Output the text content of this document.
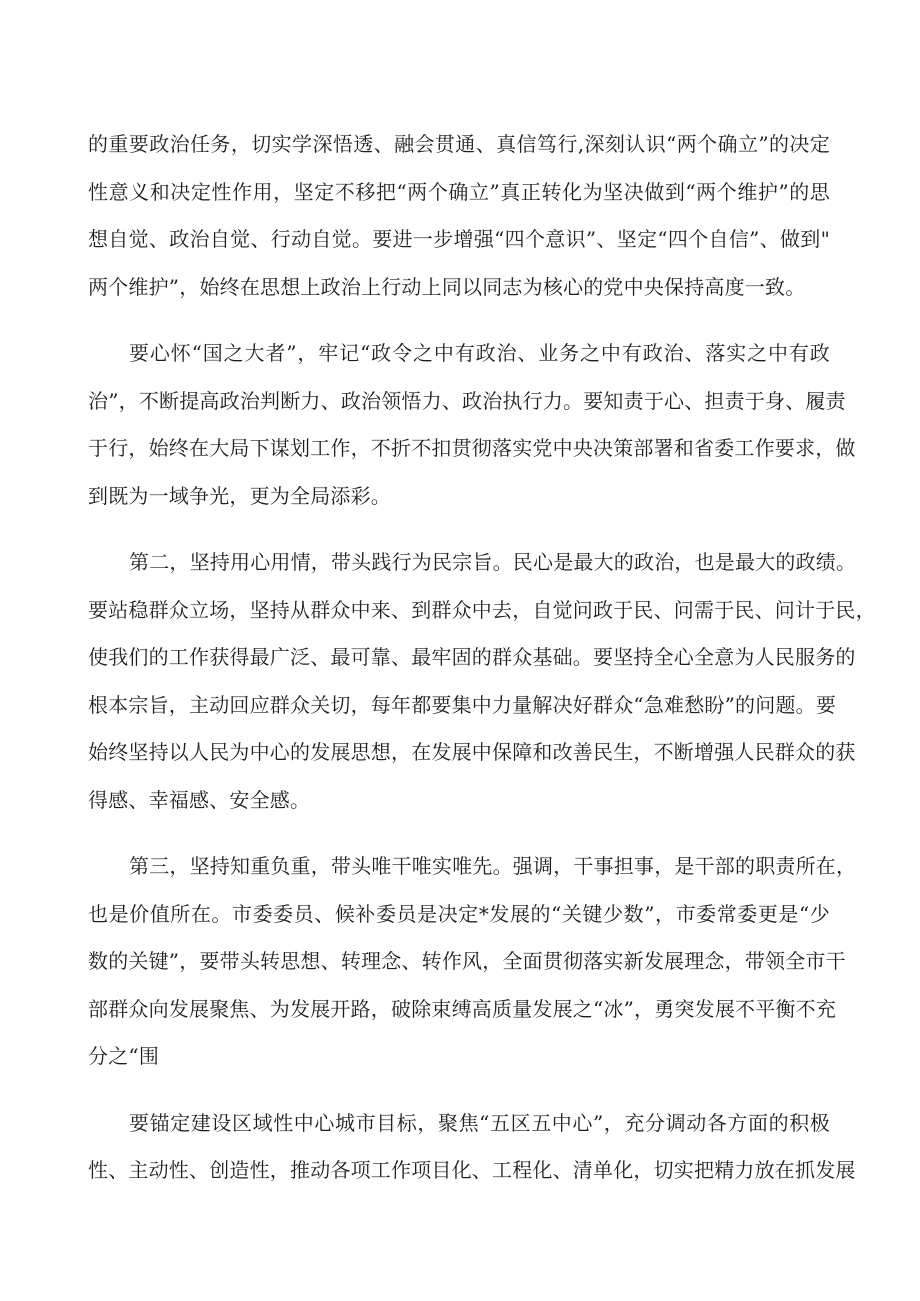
的重要政治任务，切实学深悟透、融会贯通、真信笃行,深刻认识“两个确立”的决定
性意义和决定性作用，坚定不移把“两个确立”真正转化为坚决做到“两个维护”的思
想自觉、政治自觉、行动自觉。要进一步增强“四个意识”、坚定“四个自信”、做到"
两个维护”，始终在思想上政治上行动上同以同志为核心的党中央保持高度一致。
要心怀“国之大者”，牢记“政令之中有政治、业务之中有政治、落实之中有政
治”，不断提高政治判断力、政治领悟力、政治执行力。要知责于心、担责于身、履责
于行，始终在大局下谋划工作，不折不扣贯彻落实党中央决策部署和省委工作要求，做
到既为一域争光，更为全局添彩。
第二，坚持用心用情，带头践行为民宗旨。民心是最大的政治，也是最大的政绩。
要站稳群众立场，坚持从群众中来、到群众中去，自觉问政于民、问需于民、问计于民，
使我们的工作获得最广泛、最可靠、最牢固的群众基础。要坚持全心全意为人民服务的
根本宗旨，主动回应群众关切，每年都要集中力量解决好群众“急难愁盼”的问题。要
始终坚持以人民为中心的发展思想，在发展中保障和改善民生，不断增强人民群众的获
得感、幸福感、安全感。
第三，坚持知重负重，带头唯干唯实唯先。强调，干事担事，是干部的职责所在，
也是价值所在。市委委员、候补委员是决定*发展的“关键少数”，市委常委更是“少
数的关键”，要带头转思想、转理念、转作风，全面贯彻落实新发展理念，带领全市干
部群众向发展聚焦、为发展开路，破除束缚高质量发展之“冰”，勇突发展不平衡不充
分之“围
要锚定建设区域性中心城市目标，聚焦“五区五中心”，充分调动各方面的积极
性、主动性、创造性，推动各项工作项目化、工程化、清单化，切实把精力放在抓发展
